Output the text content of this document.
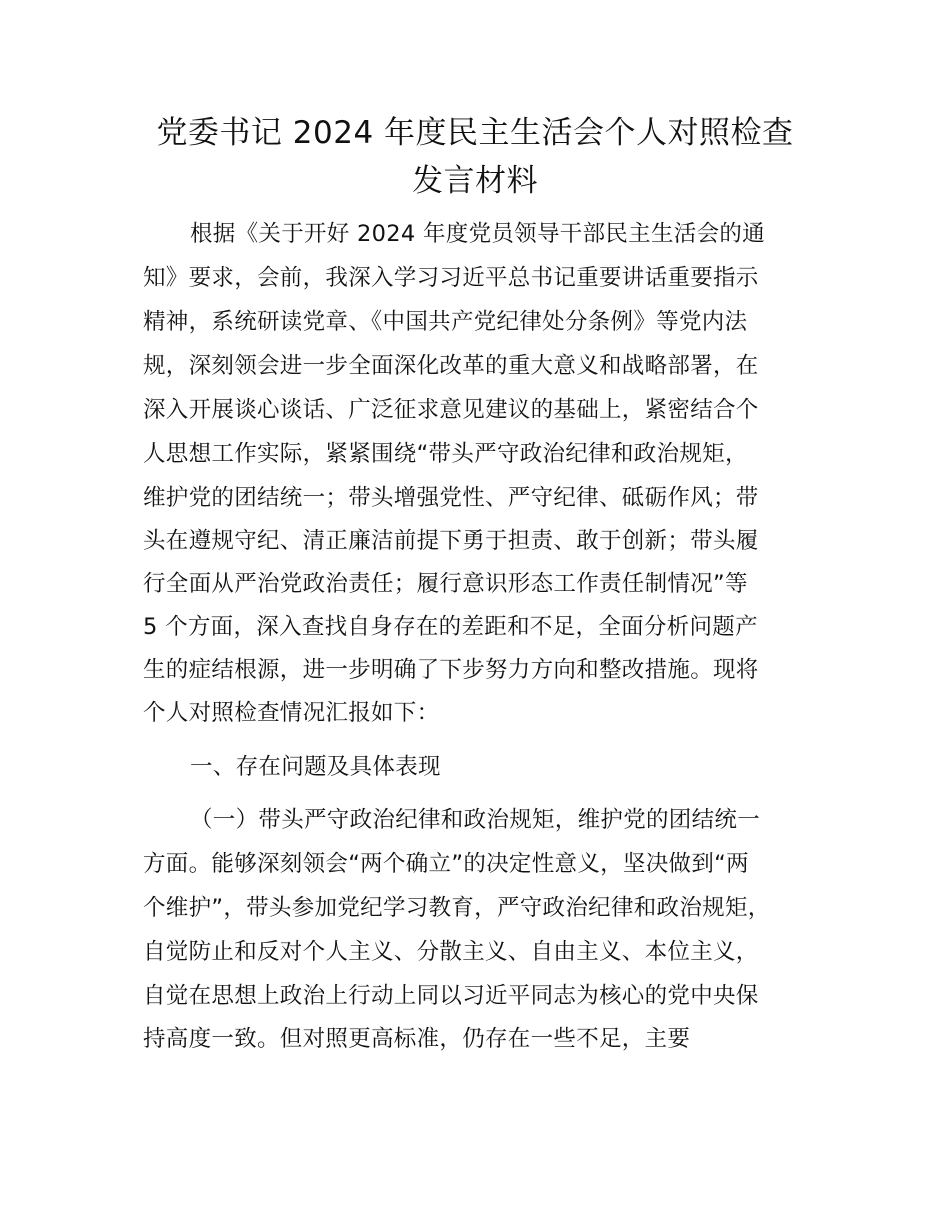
党委书记 2024 年度民主生活会个人对照检查
发言材料
根据《关于开好 2024 年度党员领导干部民主生活会的通
知》要求，会前，我深入学习习近平总书记重要讲话重要指示
精神，系统研读党章、《中国共产党纪律处分条例》等党内法
规，深刻领会进一步全面深化改革的重大意义和战略部署，在
深入开展谈心谈话、广泛征求意见建议的基础上，紧密结合个
人思想工作实际，紧紧围绕“带头严守政治纪律和政治规矩，
维护党的团结统一；带头增强党性、严守纪律、砥砺作风；带
头在遵规守纪、清正廉洁前提下勇于担责、敢于创新；带头履
行全面从严治党政治责任；履行意识形态工作责任制情况”等
5 个方面，深入查找自身存在的差距和不足，全面分析问题产
生的症结根源，进一步明确了下步努力方向和整改措施。现将
个人对照检查情况汇报如下：
一、存在问题及具体表现
（一）带头严守政治纪律和政治规矩，维护党的团结统一
方面。能够深刻领会“两个确立”的决定性意义，坚决做到“两
个维护”，带头参加党纪学习教育，严守政治纪律和政治规矩，
自觉防止和反对个人主义、分散主义、自由主义、本位主义，
自觉在思想上政治上行动上同以习近平同志为核心的党中央保
持高度一致。但对照更高标准，仍存在一些不足，主要
